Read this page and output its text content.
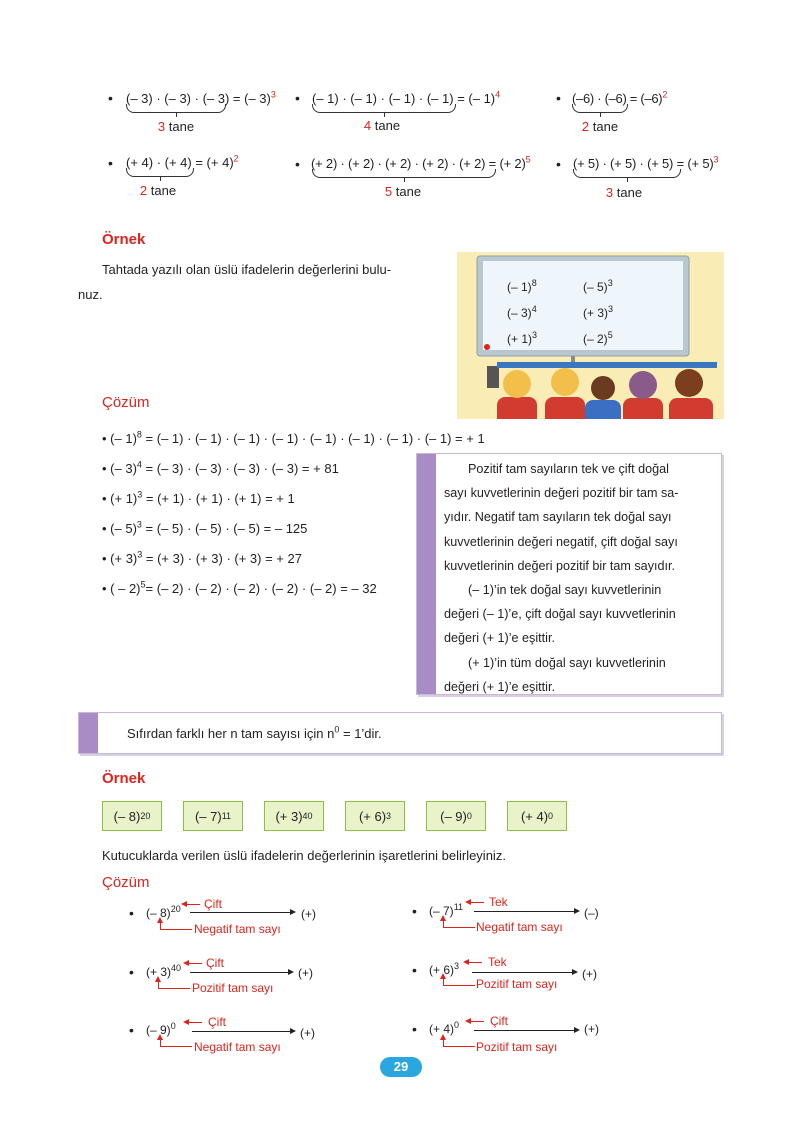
• (– 3) · (– 3) · (– 3) = (– 3)$^3$
3 tane
• (– 1) · (– 1) · (– 1) · (– 1) = (– 1)$^4$
4 tane
• $(-6) \cdot (-6) = (-6)^2$
2 tane
• (+ 4) · (+ 4) = (+ 4)$^2$
2 tane
• (+ 2) · (+ 2) · (+ 2) · (+ 2) · (+ 2) = (+ 2)$^5$
5 tane
• (+ 5) · (+ 5) · (+ 5) = (+ 5)$^3$
3 tane
Örnek

Tahtada yazılı olan üslü ifadelerin değerlerini bulu-

nuz.	(– 1)$^8$	(– 5)$^3$
(– 3)$^4$	(+ 3)$^3$
(+ 1)$^3$	(– 2)$^5$
Çözüm
• (– 1)$^8$ = (– 1) · (– 1) · (– 1) · (– 1) · (– 1) · (– 1) · (– 1) · (– 1) = + 1
• (– 3)$^4$ = (– 3) · (– 3) · (– 3) · (– 3) = + 81
• (+ 1)$^3$ = (+ 1) · (+ 1) · (+ 1) = + 1
• (– 5)$^3$ = (– 5) · (– 5) · (– 5) = – 125
• (+ 3)$^3$ = (+ 3) · (+ 3) · (+ 3) = + 27
• ( – 2)$^5$= (– 2) · (– 2) · (– 2) · (– 2) · (– 2) = – 32
Pozitif tam sayıların tek ve çift doğal
sayı kuvvetlerinin değeri pozitif bir tam sa-
yıdır. Negatif tam sayıların tek doğal sayı
kuvvetlerinin değeri negatif, çift doğal sayı
kuvvetlerinin değeri pozitif bir tam sayıdır.
(– 1)’in tek doğal sayı kuvvetlerinin
değeri (– 1)’e, çift doğal sayı kuvvetlerinin
değeri (+ 1)’e eşittir.
(+ 1)’in tüm doğal sayı kuvvetlerinin
değeri (+ 1)’e eşittir.
Sıfırdan farklı her n tam sayısı için $n^0$ = 1’dir.
Örnek
(– 8) 20	(– 7) 11	(+ 3) 40	(+ 6) 3	(– 9) 0	(+ 4) 0

Kutucuklarda verilen üslü ifadelerin değerlerinin işaretlerini belirleyiniz.

Çözüm
• (– 8)$^{20}$ Çift
(+)
Negatif tam sayı
• (– 7)$^{11}$ Tek
(–)
Negatif tam sayı
• (+ 3)$^{40}$ Çift
(+)
Pozitif tam sayı
• (+ 6)$^3$ Tek
(+)
Pozitif tam sayı
• (– 9)$^0$	Çift
(+)
Negatif tam sayı
• (+ 4)$^0$	Çift
(+)
Pozitif tam sayı
29
